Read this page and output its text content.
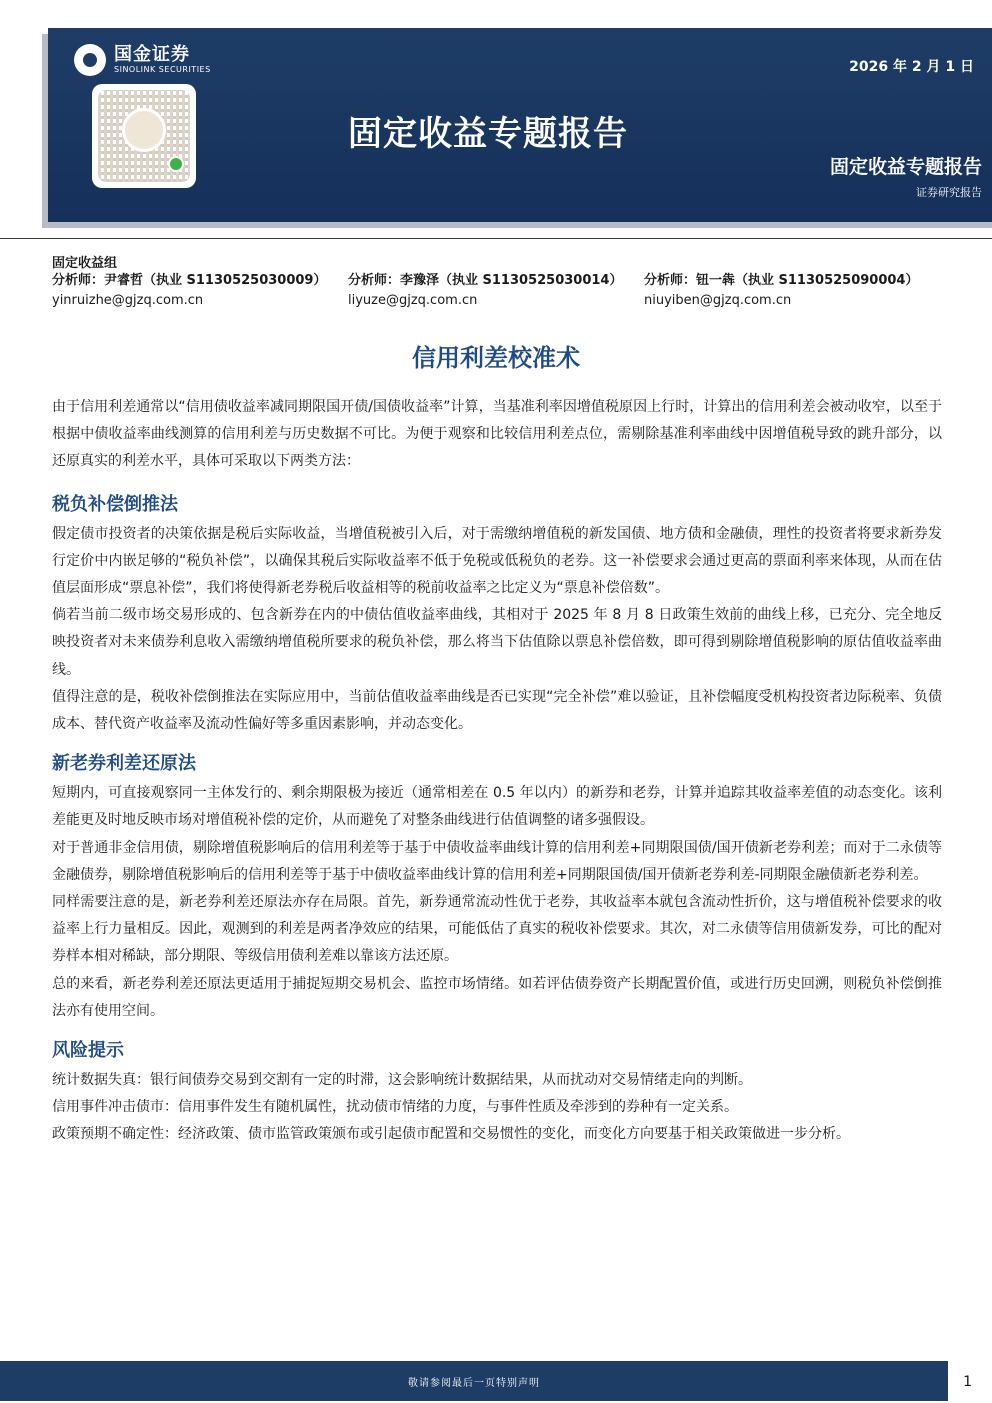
国金证券
SINOLINK SECURITIES	2026 年 2 月 1 日
固定收益专题报告
固定收益专题报告
证券研究报告
固定收益组
分析师：尹睿哲（执业 S1130525030009）
yinruizhe@gjzq.com.cn
分析师：李豫泽（执业 S1130525030014）
liyuze@gjzq.com.cn
分析师：钮一犇（执业 S1130525090004）
niuyiben@gjzq.com.cn
信用利差校准术

由于信用利差通常以“信用债收益率减同期限国开债/国债收益率”计算，当基准利率因增值税原因上行时，计算出的信用利差会被动收窄，以至于根据中债收益率曲线测算的信用利差与历史数据不可比。为便于观察和比较信用利差点位，需剔除基准利率曲线中因增值税导致的跳升部分，以还原真实的利差水平，具体可采取以下两类方法：

税负补偿倒推法

假定债市投资者的决策依据是税后实际收益，当增值税被引入后，对于需缴纳增值税的新发国债、地方债和金融债，理性的投资者将要求新券发行定价中内嵌足够的“税负补偿”，以确保其税后实际收益率不低于免税或低税负的老券。这一补偿要求会通过更高的票面利率来体现，从而在估值层面形成“票息补偿”，我们将使得新老券税后收益相等的税前收益率之比定义为“票息补偿倍数”。

倘若当前二级市场交易形成的、包含新券在内的中债估值收益率曲线，其相对于 2025 年 8 月 8 日政策生效前的曲线上移，已充分、完全地反映投资者对未来债券利息收入需缴纳增值税所要求的税负补偿，那么将当下估值除以票息补偿倍数，即可得到剔除增值税影响的原估值收益率曲线。

值得注意的是，税收补偿倒推法在实际应用中，当前估值收益率曲线是否已实现“完全补偿”难以验证，且补偿幅度受机构投资者边际税率、负债成本、替代资产收益率及流动性偏好等多重因素影响，并动态变化。

新老券利差还原法

短期内，可直接观察同一主体发行的、剩余期限极为接近（通常相差在 0.5 年以内）的新券和老券，计算并追踪其收益率差值的动态变化。该利差能更及时地反映市场对增值税补偿的定价，从而避免了对整条曲线进行估值调整的诸多强假设。

对于普通非金信用债，剔除增值税影响后的信用利差等于基于中债收益率曲线计算的信用利差+同期限国债/国开债新老券利差；而对于二永债等金融债券，剔除增值税影响后的信用利差等于基于中债收益率曲线计算的信用利差+同期限国债/国开债新老券利差-同期限金融债新老券利差。

同样需要注意的是，新老券利差还原法亦存在局限。首先，新券通常流动性优于老券，其收益率本就包含流动性折价，这与增值税补偿要求的收益率上行力量相反。因此，观测到的利差是两者净效应的结果，可能低估了真实的税收补偿要求。其次，对二永债等信用债新发券，可比的配对券样本相对稀缺，部分期限、等级信用债利差难以靠该方法还原。

总的来看，新老券利差还原法更适用于捕捉短期交易机会、监控市场情绪。如若评估债券资产长期配置价值，或进行历史回溯，则税负补偿倒推法亦有使用空间。

风险提示

统计数据失真：银行间债券交易到交割有一定的时滞，这会影响统计数据结果，从而扰动对交易情绪走向的判断。

信用事件冲击债市：信用事件发生有随机属性，扰动债市情绪的力度，与事件性质及牵涉到的券种有一定关系。

政策预期不确定性：经济政策、债市监管政策颁布或引起债市配置和交易惯性的变化，而变化方向要基于相关政策做进一步分析。

敬请参阅最后一页特别声明	1
